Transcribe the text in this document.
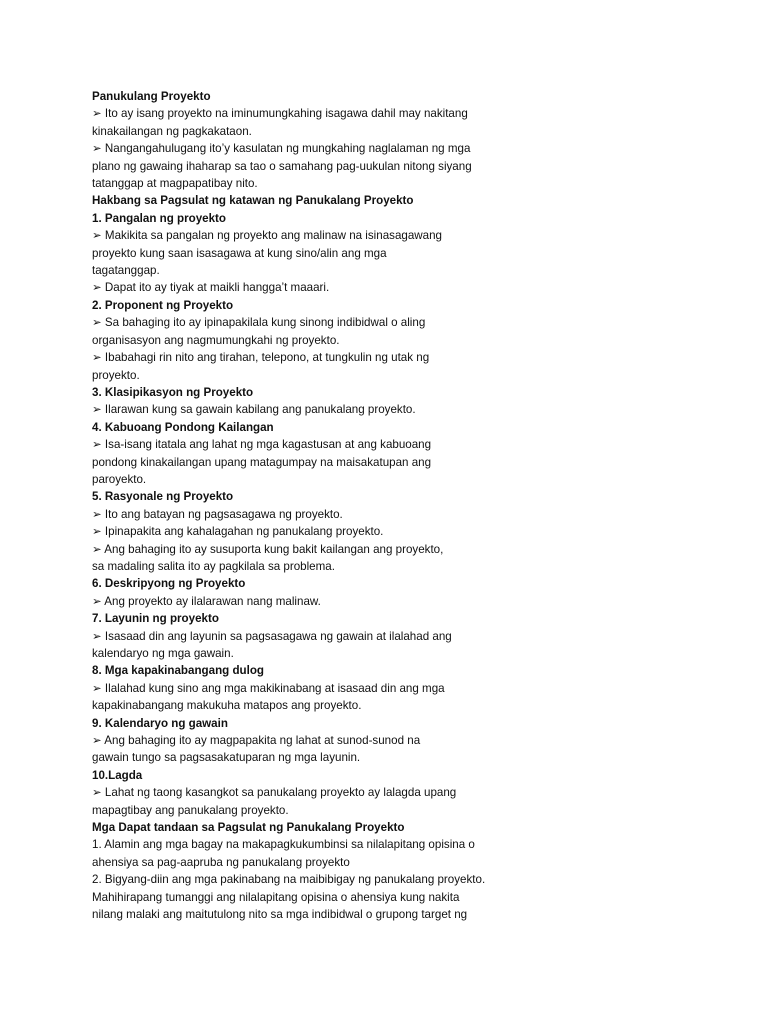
Panukulang Proyekto
➢ Ito ay isang proyekto na iminumungkahing isagawa dahil may nakitang
kinakailangan ng pagkakataon.
➢ Nangangahulugang ito’y kasulatan ng mungkahing naglalaman ng mga
plano ng gawaing ihaharap sa tao o samahang pag-uukulan nitong siyang
tatanggap at magpapatibay nito.
Hakbang sa Pagsulat ng katawan ng Panukalang Proyekto
1. Pangalan ng proyekto
➢ Makikita sa pangalan ng proyekto ang malinaw na isinasagawang
proyekto kung saan isasagawa at kung sino/alin ang mga
tagatanggap.
➢ Dapat ito ay tiyak at maikli hangga’t maaari.
2. Proponent ng Proyekto
➢ Sa bahaging ito ay ipinapakilala kung sinong indibidwal o aling
organisasyon ang nagmumungkahi ng proyekto.
➢ Ibabahagi rin nito ang tirahan, telepono, at tungkulin ng utak ng
proyekto.
3. Klasipikasyon ng Proyekto
➢ Ilarawan kung sa gawain kabilang ang panukalang proyekto.
4. Kabuoang Pondong Kailangan
➢ Isa-isang itatala ang lahat ng mga kagastusan at ang kabuoang
pondong kinakailangan upang matagumpay na maisakatupan ang
paroyekto.
5. Rasyonale ng Proyekto
➢ Ito ang batayan ng pagsasagawa ng proyekto.
➢ Ipinapakita ang kahalagahan ng panukalang proyekto.
➢ Ang bahaging ito ay susuporta kung bakit kailangan ang proyekto,
sa madaling salita ito ay pagkilala sa problema.
6. Deskripyong ng Proyekto
➢ Ang proyekto ay ilalarawan nang malinaw.
7. Layunin ng proyekto
➢ Isasaad din ang layunin sa pagsasagawa ng gawain at ilalahad ang
kalendaryo ng mga gawain.
8. Mga kapakinabangang dulog
➢ Ilalahad kung sino ang mga makikinabang at isasaad din ang mga
kapakinabangang makukuha matapos ang proyekto.
9. Kalendaryo ng gawain
➢ Ang bahaging ito ay magpapakita ng lahat at sunod-sunod na
gawain tungo sa pagsasakatuparan ng mga layunin.
10.Lagda
➢ Lahat ng taong kasangkot sa panukalang proyekto ay lalagda upang
mapagtibay ang panukalang proyekto.
Mga Dapat tandaan sa Pagsulat ng Panukalang Proyekto
1. Alamin ang mga bagay na makapagkukumbinsi sa nilalapitang opisina o
ahensiya sa pag-aapruba ng panukalang proyekto
2. Bigyang-diin ang mga pakinabang na maibibigay ng panukalang proyekto.
Mahihirapang tumanggi ang nilalapitang opisina o ahensiya kung nakita
nilang malaki ang maitutulong nito sa mga indibidwal o grupong target ng
